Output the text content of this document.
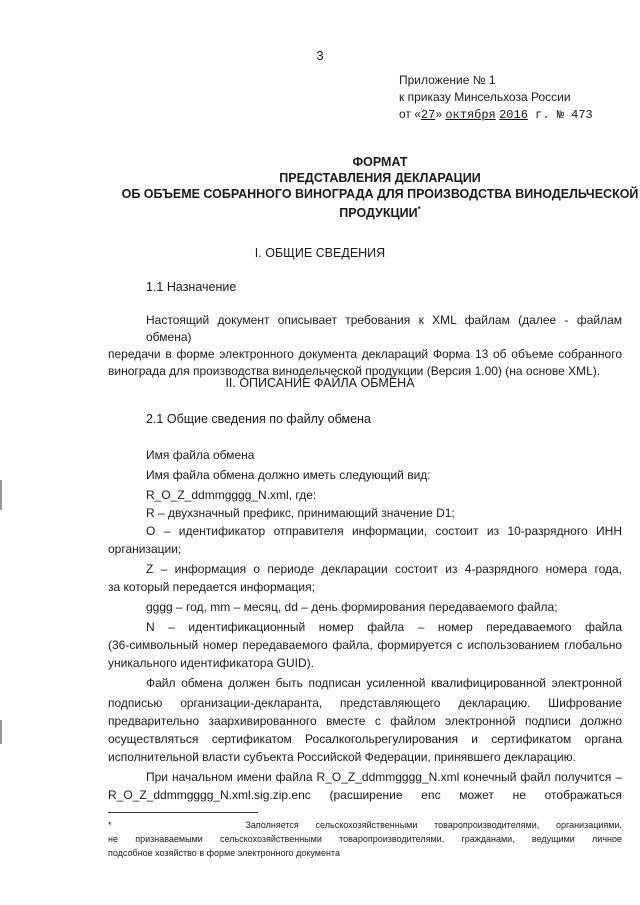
3
Приложение № 1
к приказу Минсельхоза России
от «27» октября 2016 г. № 473
ФОРМАТ
ПРЕДСТАВЛЕНИЯ ДЕКЛАРАЦИИ
ОБ ОБЪЕМЕ СОБРАННОГО ВИНОГРАДА ДЛЯ ПРОИЗВОДСТВА ВИНОДЕЛЬЧЕСКОЙ
ПРОДУКЦИИ*
I. ОБЩИЕ СВЕДЕНИЯ
1.1 Назначение
Настоящий документ описывает требования к XML файлам (далее - файлам обмена)
передачи в форме электронного документа деклараций Форма 13 об объеме собранного
винограда для производства винодельческой продукции (Версия 1.00) (на основе XML).
II. ОПИСАНИЕ ФАЙЛА ОБМЕНА
2.1 Общие сведения по файлу обмена
Имя файла обмена
Имя файла обмена должно иметь следующий вид:
R_O_Z_ddmmgggg_N.xml, где:
R – двухзначный префикс, принимающий значение D1;
O – идентификатор отправителя информации, состоит из 10-разрядного ИНН
организации;
Z – информация о периоде декларации состоит из 4-разрядного номера года,
за который передается информация;
gggg – год, mm – месяц, dd – день формирования передаваемого файла;
N – идентификационный номер файла – номер передаваемого файла
(36-символьный номер передаваемого файла, формируется с использованием глобально
уникального идентификатора GUID).
Файл обмена должен быть подписан усиленной квалифицированной электронной
подписью организации-декларанта, представляющего декларацию. Шифрование
предварительно заархивированного вместе с файлом электронной подписи должно
осуществляться сертификатом Росалкогольрегулирования и сертификатом органа
исполнительной власти субъекта Российской Федерации, принявшего декларацию.
При начальном имени файла R_O_Z_ddmmgggg_N.xml конечный файл получится –
R_O_Z_ddmmgggg_N.xml.sig.zip.enc (расширение enc может не отображаться
*	Заполняется сельскохозяйственными товаропроизводителями, организациями,
не признаваемыми сельскохозяйственными товаропроизводителями, гражданами, ведущими личное
подсобное хозяйство в форме электронного документа
